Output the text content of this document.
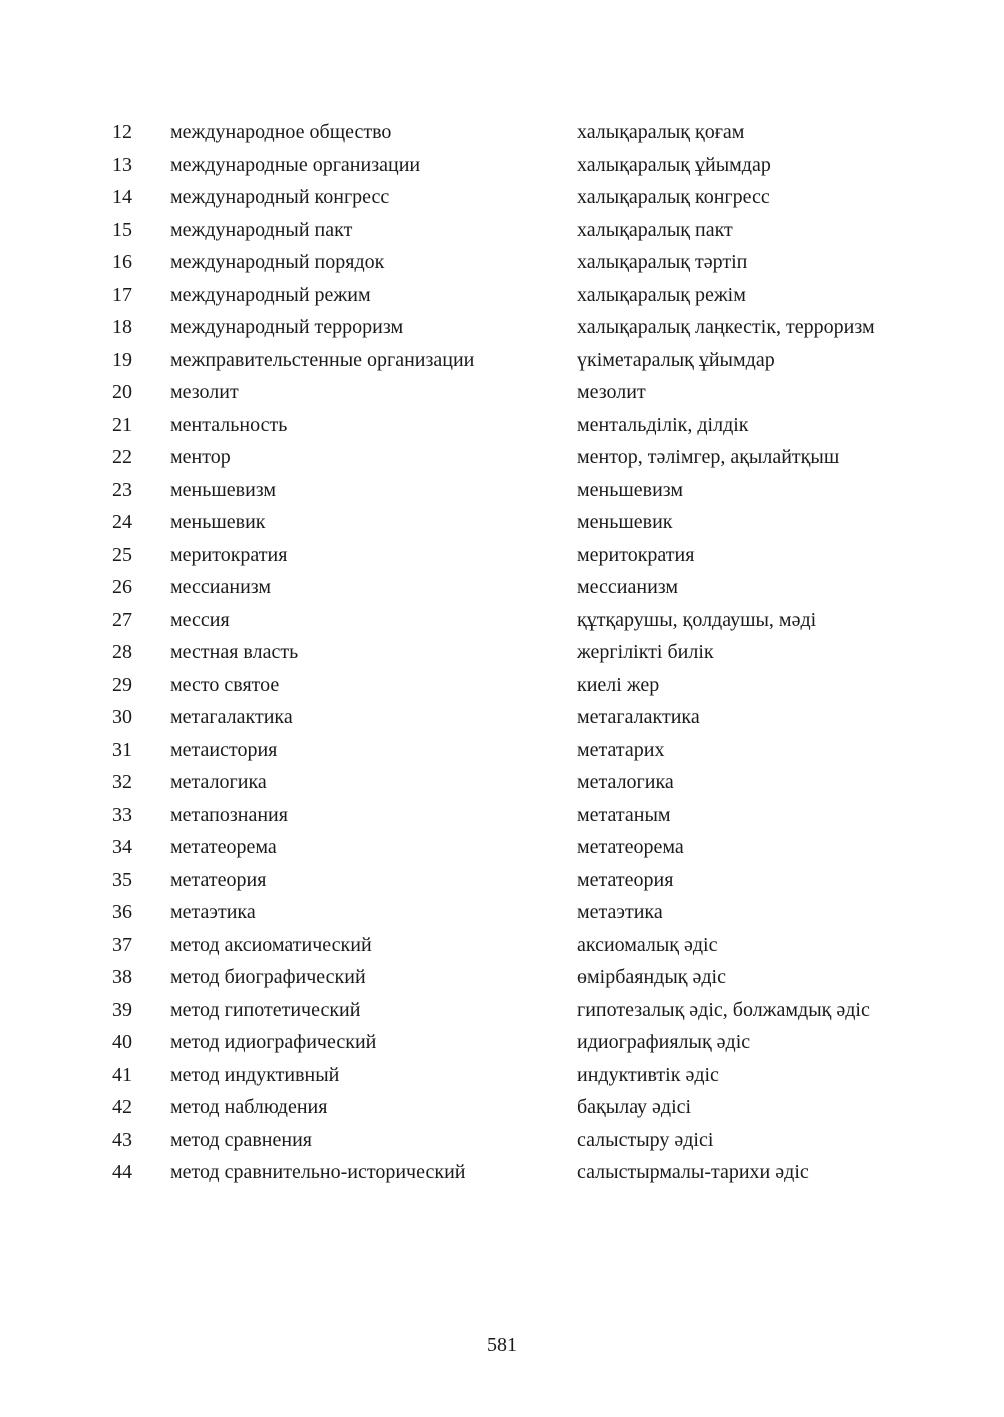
12	международное общество	халықаралық қоғам
13	международные организации	халықаралық ұйымдар
14	международный конгресс	халықаралық конгресс
15	международный пакт	халықаралық пакт
16	международный порядок	халықаралық тәртіп
17	международный режим	халықаралық режім
18	международный терроризм	халықаралық лаңкестік, терроризм
19	межправительстенные организации	үкіметаралық ұйымдар
20	мезолит	мезолит
21	ментальность	ментальділік, ділдік
22	ментор	ментор, тәлімгер, ақылайтқыш
23	меньшевизм	меньшевизм
24	меньшевик	меньшевик
25	меритократия	меритократия
26	мессианизм	мессианизм
27	мессия	құтқарушы, қолдаушы, мәді
28	местная власть	жергілікті билік
29	место святое	киелі жер
30	метагалактика	метагалактика
31	метаистория	метатарих
32	металогика	металогика
33	метапознания	метатаным
34	метатеорема	метатеорема
35	метатеория	метатеория
36	метаэтика	метаэтика
37	метод аксиоматический	аксиомалық әдіс
38	метод биографический	өмірбаяндық әдіс
39	метод гипотетический	гипотезалық әдіс, болжамдық әдіс
40	метод идиографический	идиографиялық әдіс
41	метод индуктивный	индуктивтік әдіс
42	метод наблюдения	бақылау әдісі
43	метод сравнения	салыстыру әдісі
44	метод сравнительно-исторический	салыстырмалы-тарихи әдіс
581
